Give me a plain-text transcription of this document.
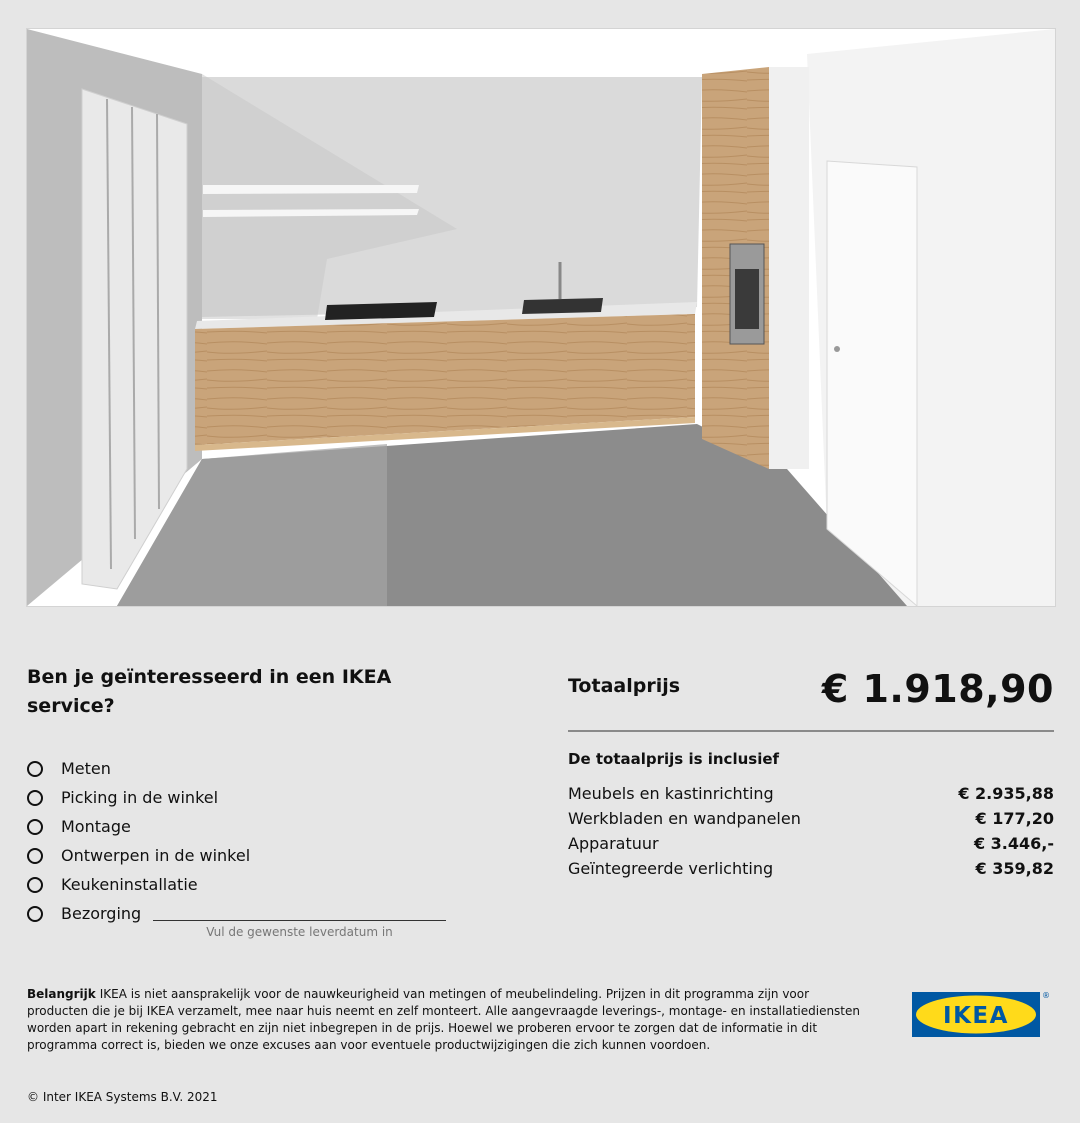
Ben je geïnteresseerd in een IKEA service?
Meten
Picking in de winkel
Montage
Ontwerpen in de winkel
Keukeninstallatie
Bezorging
Vul de gewenste leverdatum in
Totaalprijs	€ 1.918,90
De totaalprijs is inclusief
Meubels en kastinrichting	€ 2.935,88
Werkbladen en wandpanelen	€ 177,20
Apparatuur	€ 3.446,-
Geïntegreerde verlichting	€ 359,82
Belangrijk IKEA is niet aansprakelijk voor de nauwkeurigheid van metingen of meubelindeling. Prijzen in dit programma zijn voor producten die je bij IKEA verzamelt, mee naar huis neemt en zelf monteert. Alle aangevraagde leverings-, montage- en installatiediensten worden apart in rekening gebracht en zijn niet inbegrepen in de prijs. Hoewel we proberen ervoor te zorgen dat de informatie in dit programma correct is, bieden we onze excuses aan voor eventuele productwijzigingen die zich kunnen voordoen.
IKEA
®
© Inter IKEA Systems B.V. 2021
